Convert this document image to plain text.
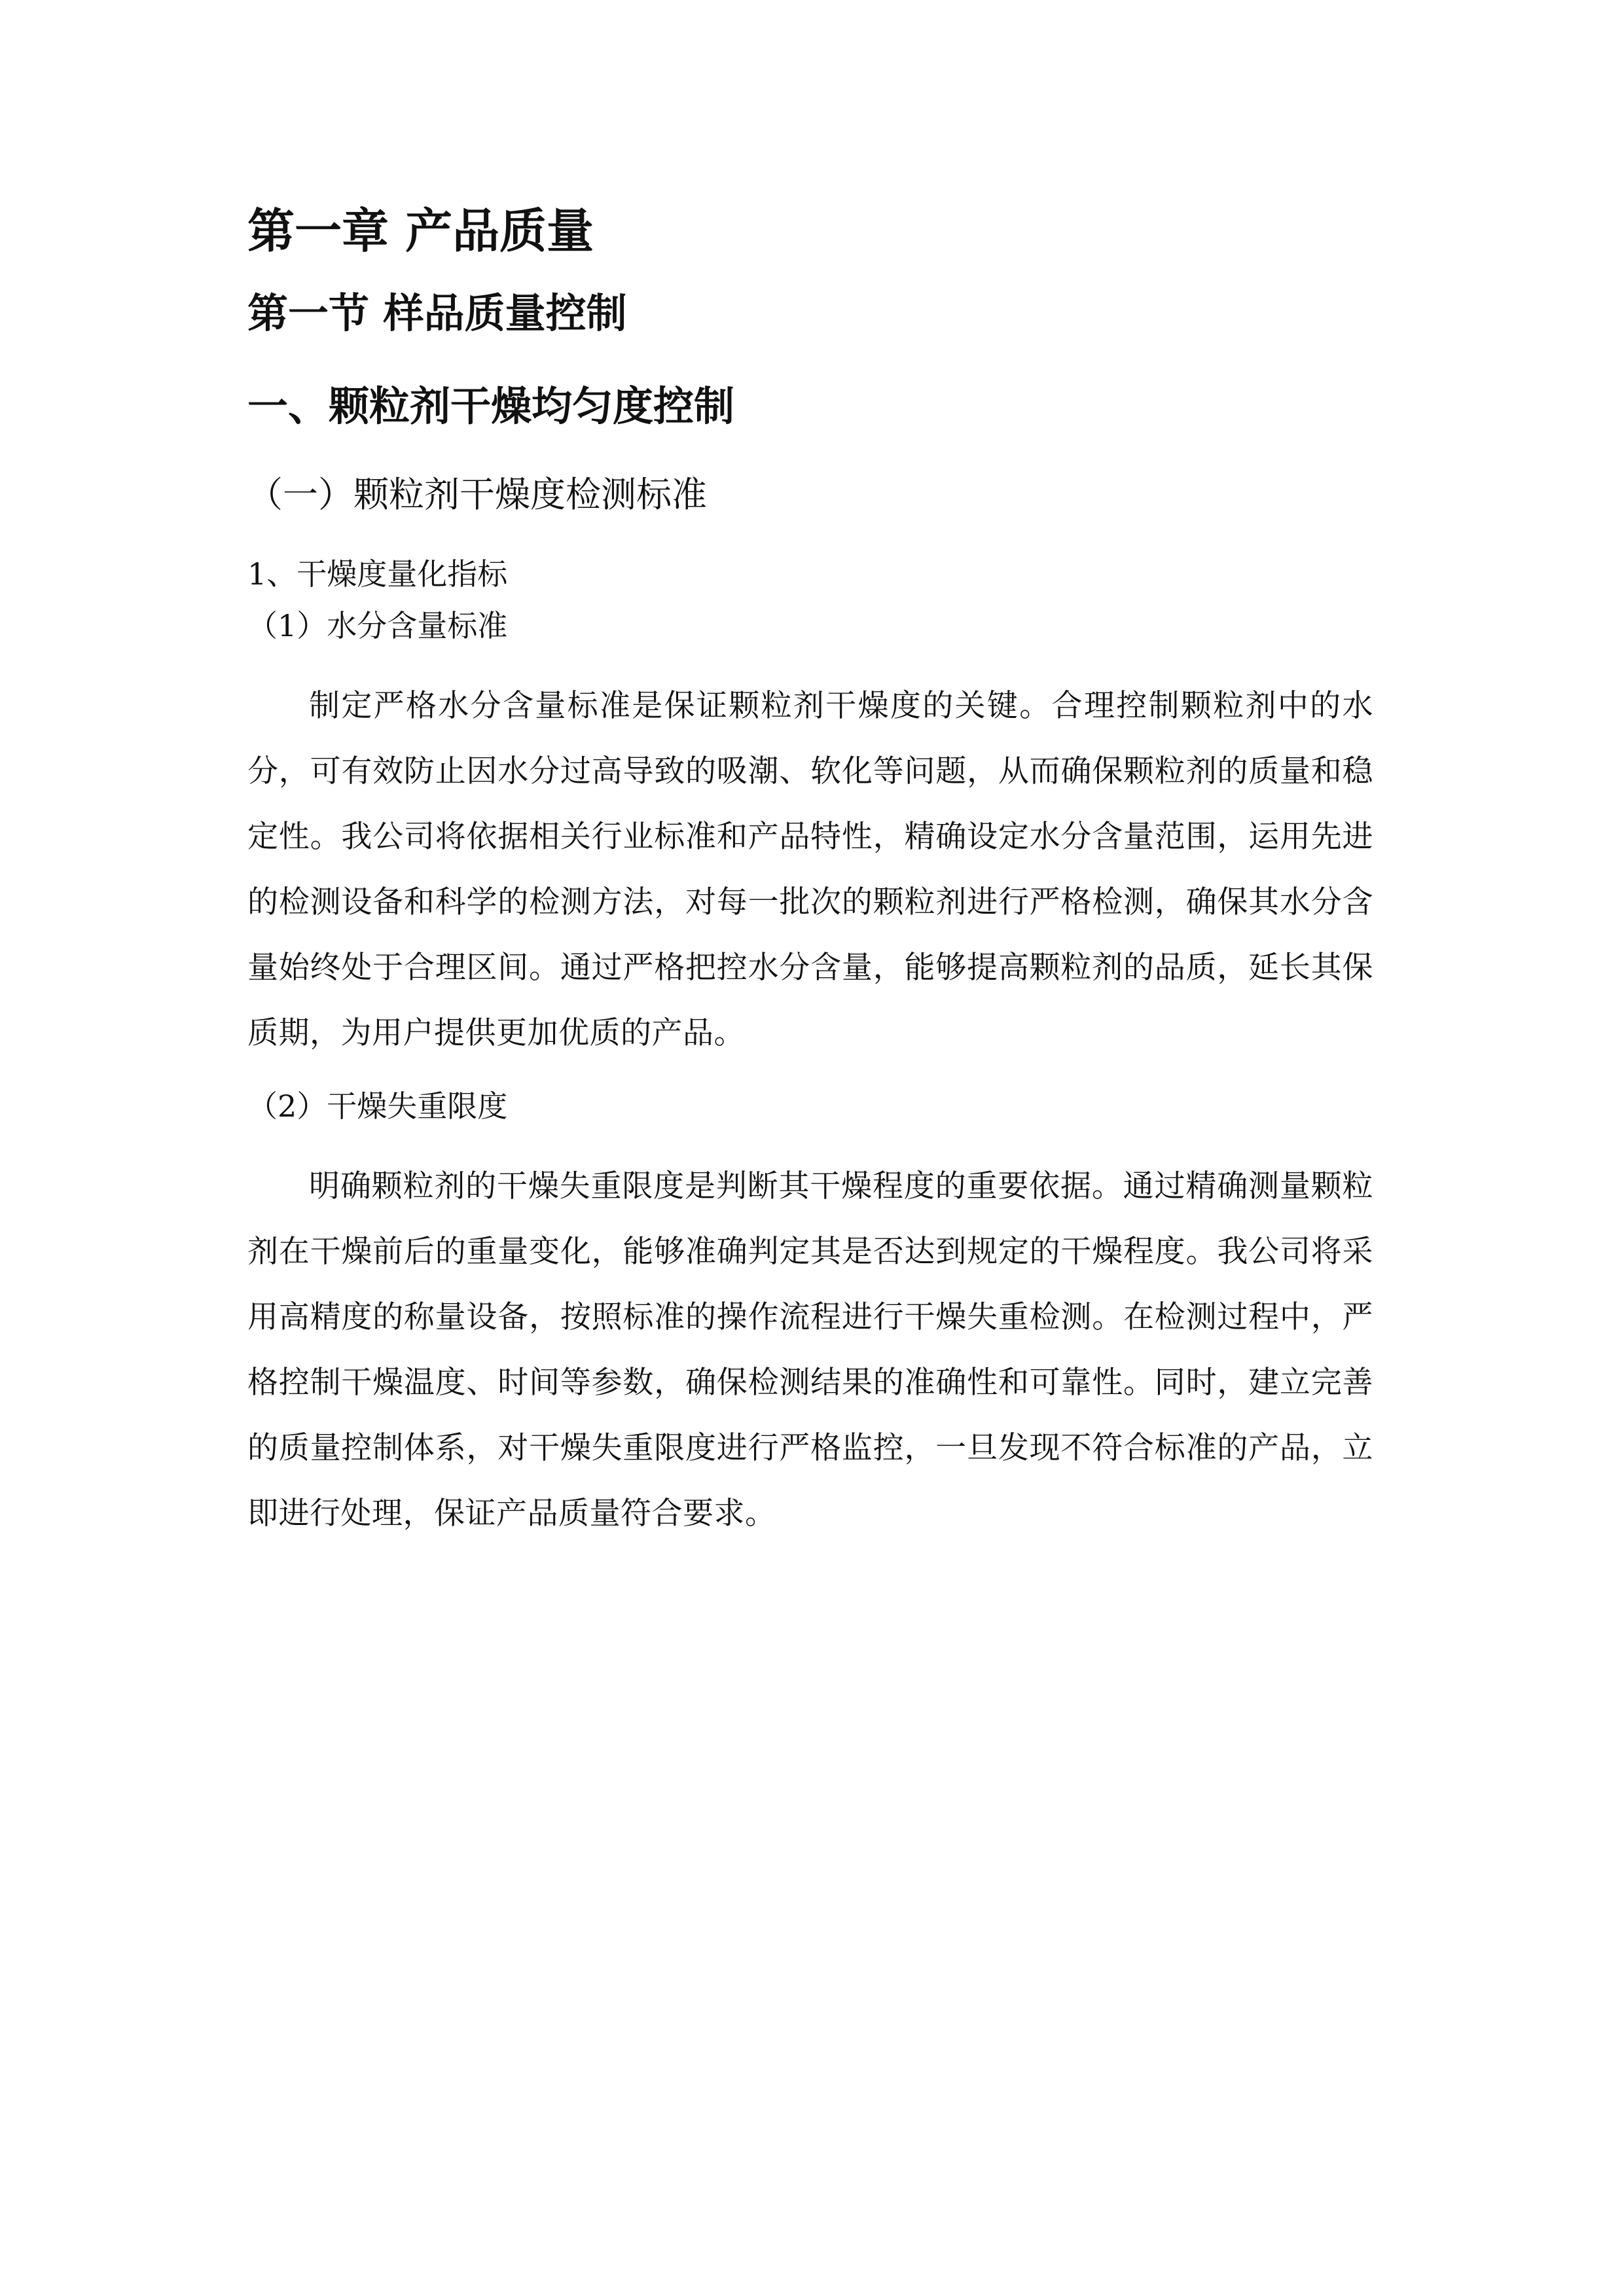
第一章 产品质量
第一节 样品质量控制
一、颗粒剂干燥均匀度控制
（一）颗粒剂干燥度检测标准
1、干燥度量化指标
（1）水分含量标准

制定严格水分含量标准是保证颗粒剂干燥度的关键。合理控制颗粒剂中的水分，可有效防止因水分过高导致的吸潮、软化等问题，从而确保颗粒剂的质量和稳定性。我公司将依据相关行业标准和产品特性，精确设定水分含量范围，运用先进的检测设备和科学的检测方法，对每一批次的颗粒剂进行严格检测，确保其水分含量始终处于合理区间。通过严格把控水分含量，能够提高颗粒剂的品质，延长其保质期，为用户提供更加优质的产品。

（2）干燥失重限度

明确颗粒剂的干燥失重限度是判断其干燥程度的重要依据。通过精确测量颗粒剂在干燥前后的重量变化，能够准确判定其是否达到规定的干燥程度。我公司将采用高精度的称量设备，按照标准的操作流程进行干燥失重检测。在检测过程中，严格控制干燥温度、时间等参数，确保检测结果的准确性和可靠性。同时，建立完善的质量控制体系，对干燥失重限度进行严格监控，一旦发现不符合标准的产品，立即进行处理，保证产品质量符合要求。
